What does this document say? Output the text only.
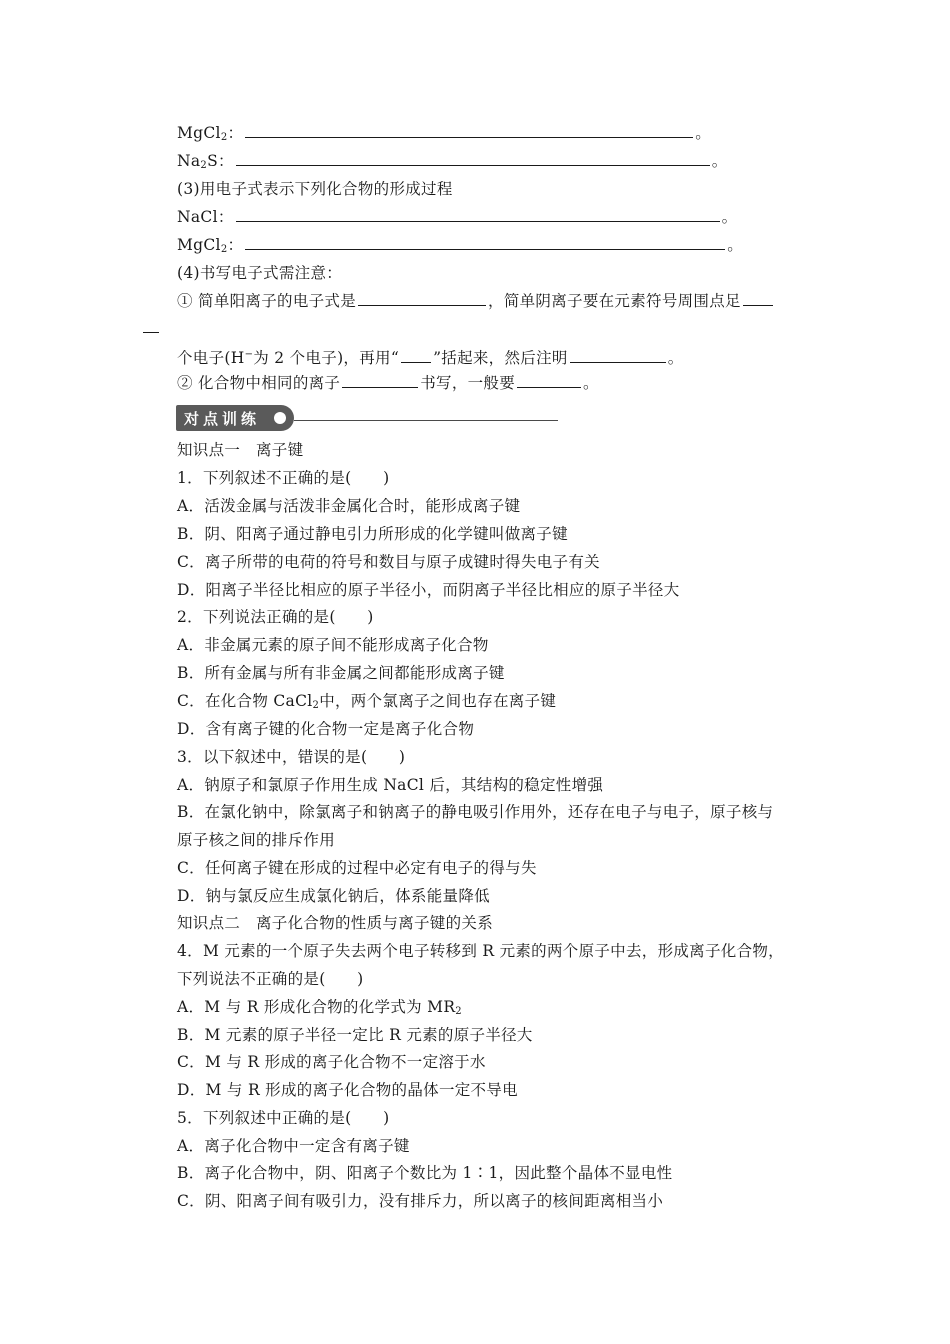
MgCl$_2$：	。
$Na_2S$：	。
(3)用电子式表示下列化合物的形成过程
NaCl：	。
MgCl$_2$：	。
(4)书写电子式需注意：
① 简单阳离子的电子式是	，简单阴离子要在元素符号周围点足
个电子(H−为 2 个电子)，再用“ ”括起来，然后注明	。
② 化合物中相同的离子	书写，一般要	。
对点训练
知识点一　离子键
1．下列叙述不正确的是(　　)
A．活泼金属与活泼非金属化合时，能形成离子键
B．阴、阳离子通过静电引力所形成的化学键叫做离子键
C．离子所带的电荷的符号和数目与原子成键时得失电子有关
D．阳离子半径比相应的原子半径小，而阴离子半径比相应的原子半径大
2．下列说法正确的是(　　)
A．非金属元素的原子间不能形成离子化合物
B．所有金属与所有非金属之间都能形成离子键
C．在化合物 CaCl$_2$中，两个氯离子之间也存在离子键
D．含有离子键的化合物一定是离子化合物
3．以下叙述中，错误的是(　　)
A．钠原子和氯原子作用生成 NaCl 后，其结构的稳定性增强
B．在氯化钠中，除氯离子和钠离子的静电吸引作用外，还存在电子与电子，原子核与
原子核之间的排斥作用
C．任何离子键在形成的过程中必定有电子的得与失
D．钠与氯反应生成氯化钠后，体系能量降低
知识点二　离子化合物的性质与离子键的关系
4．M 元素的一个原子失去两个电子转移到 R 元素的两个原子中去，形成离子化合物，
下列说法不正确的是(　　)
A．M 与 R 形成化合物的化学式为 $MR_2$
B．M 元素的原子半径一定比 R 元素的原子半径大
C．M 与 R 形成的离子化合物不一定溶于水
D．M 与 R 形成的离子化合物的晶体一定不导电
5．下列叙述中正确的是(　　)
A．离子化合物中一定含有离子键
B．离子化合物中，阴、阳离子个数比为 1∶1，因此整个晶体不显电性
C．阴、阳离子间有吸引力，没有排斥力，所以离子的核间距离相当小
